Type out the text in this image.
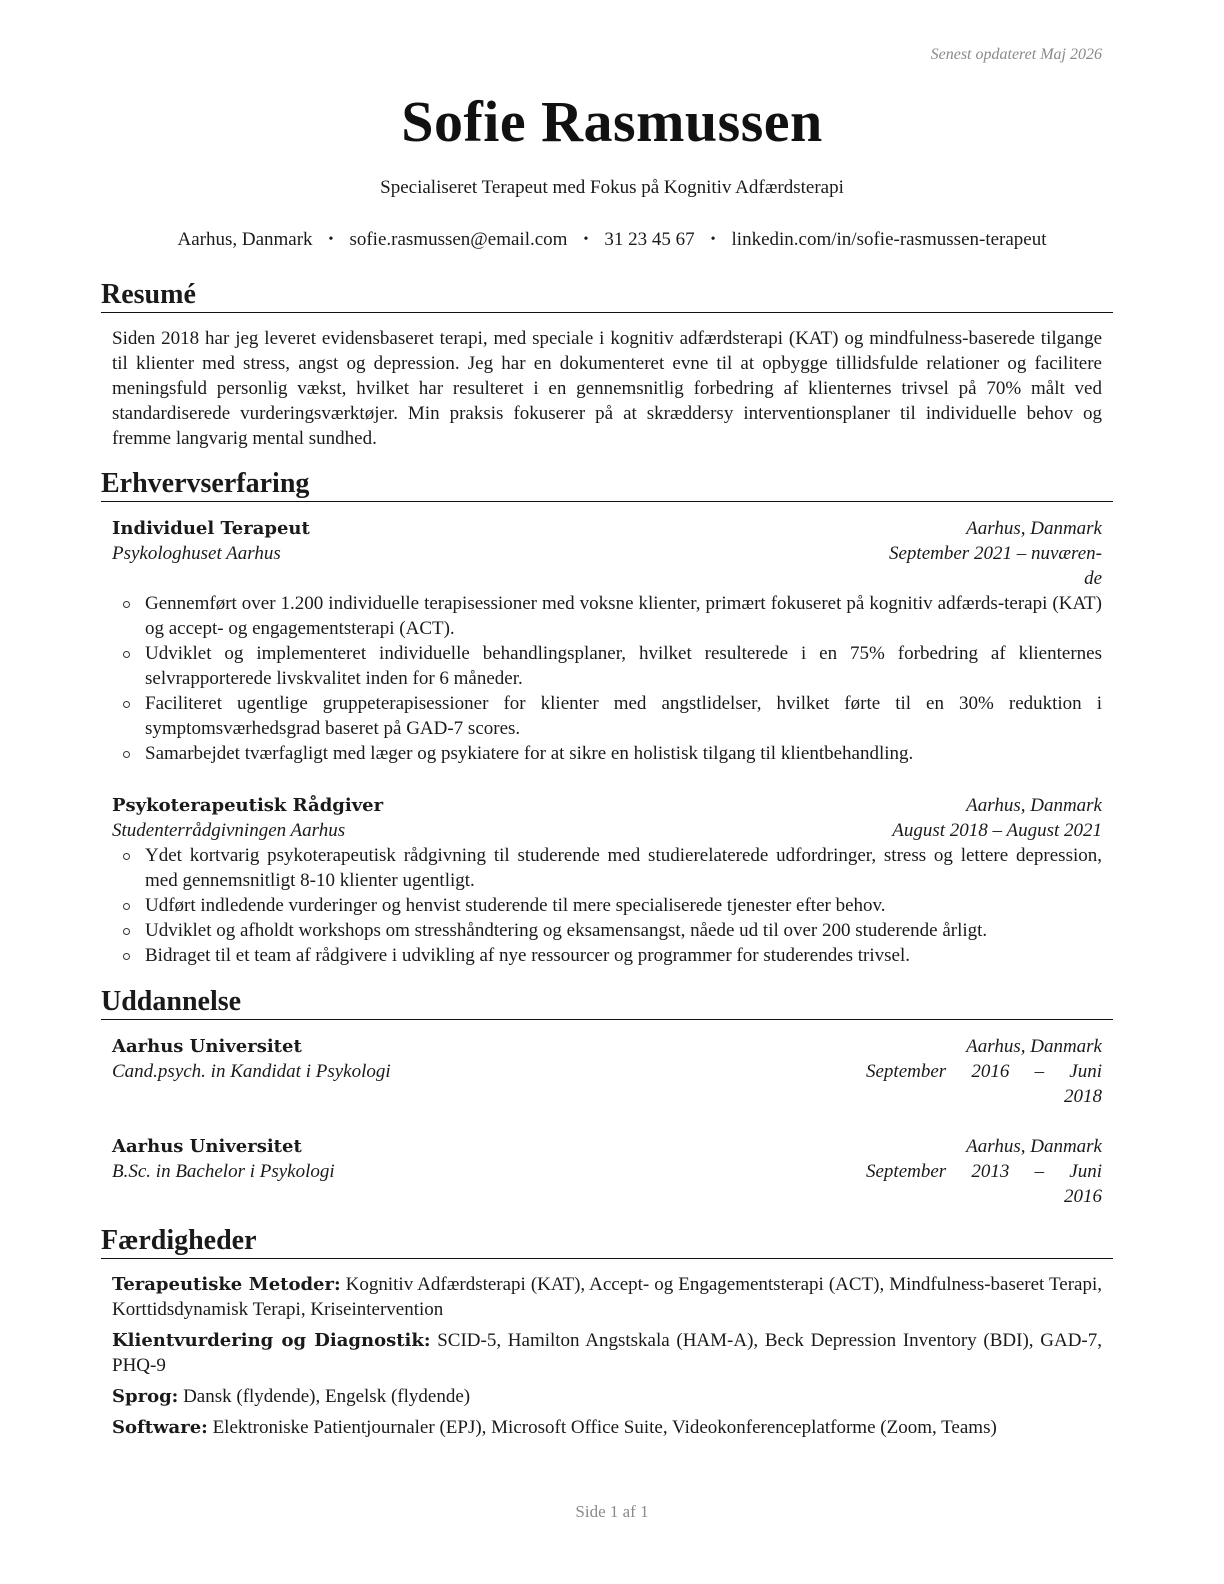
Senest opdateret Maj 2026
Sofie Rasmussen
Specialiseret Terapeut med Fokus på Kognitiv Adfærdsterapi
Aarhus, Danmark • sofie.rasmussen@email.com • 31 23 45 67 • linkedin.com/in/sofie-rasmussen-terapeut
Resumé
Siden 2018 har jeg leveret evidensbaseret terapi, med speciale i kognitiv adfærdsterapi (KAT) og mindfulness-baserede tilgange til klienter med stress, angst og depression. Jeg har en dokumenteret evne til at opbygge tillidsfulde relationer og facilitere meningsfuld personlig vækst, hvilket har resulteret i en gennemsnitlig forbedring af klienternes trivsel på 70% målt ved standardiserede vurderingsværktøjer. Min praksis fokuserer på at skræddersy interventionsplaner til individuelle behov og fremme langvarig mental sundhed.
Erhvervserfaring
Individuel Terapeut	Aarhus, Danmark
Psykologhuset Aarhus	September 2021 – nuværen-
de
Gennemført over 1.200 individuelle terapisessioner med voksne klienter, primært fokuseret på kognitiv adfærds-terapi (KAT) og accept- og engagementsterapi (ACT).
Udviklet og implementeret individuelle behandlingsplaner, hvilket resulterede i en 75% forbedring af klienternes selvrapporterede livskvalitet inden for 6 måneder.
Faciliteret ugentlige gruppeterapisessioner for klienter med angstlidelser, hvilket førte til en 30% reduktion i symptomsværhedsgrad baseret på GAD-7 scores.
Samarbejdet tværfagligt med læger og psykiatere for at sikre en holistisk tilgang til klientbehandling.
Psykoterapeutisk Rådgiver	Aarhus, Danmark
Studenterrådgivningen Aarhus	August 2018 – August 2021
Ydet kortvarig psykoterapeutisk rådgivning til studerende med studierelaterede udfordringer, stress og lettere depression, med gennemsnitligt 8-10 klienter ugentligt.
Udført indledende vurderinger og henvist studerende til mere specialiserede tjenester efter behov.
Udviklet og afholdt workshops om stresshåndtering og eksamensangst, nåede ud til over 200 studerende årligt.
Bidraget til et team af rådgivere i udvikling af nye ressourcer og programmer for studerendes trivsel.
Uddannelse
Aarhus Universitet	Aarhus, Danmark
Cand.psych. in Kandidat i Psykologi	September 2016 – Juni
2018
Aarhus Universitet	Aarhus, Danmark
B.Sc. in Bachelor i Psykologi	September 2013 – Juni
2016
Færdigheder
Terapeutiske Metoder: Kognitiv Adfærdsterapi (KAT), Accept- og Engagementsterapi (ACT), Mindfulness-baseret Terapi, Korttidsdynamisk Terapi, Kriseintervention
Klientvurdering og Diagnostik: SCID-5, Hamilton Angstskala (HAM-A), Beck Depression Inventory (BDI), GAD-7, PHQ-9
Sprog: Dansk (flydende), Engelsk (flydende)
Software: Elektroniske Patientjournaler (EPJ), Microsoft Office Suite, Videokonferenceplatforme (Zoom, Teams)
Side 1 af 1
